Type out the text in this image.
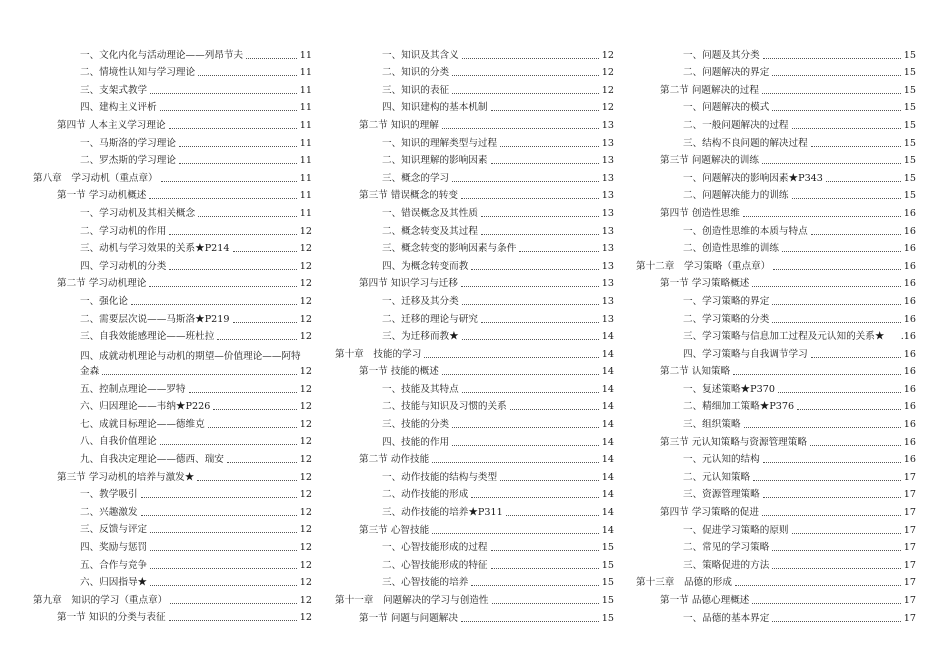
一、文化内化与活动理论——列昂节夫	11
二、情境性认知与学习理论	11
三、支架式教学	11
四、建构主义评析	11
第四节 人本主义学习理论	11
一、马斯洛的学习理论	11
二、罗杰斯的学习理论	11
第八章　学习动机（重点章）	11
第一节 学习动机概述	11
一、学习动机及其相关概念	11
二、学习动机的作用	12
三、动机与学习效果的关系★P214	12
四、学习动机的分类	12
第二节 学习动机理论	12
一、强化论	12
二、需要层次说——马斯洛★P219	12
三、自我效能感理论——班杜拉	12
四、成就动机理论与动机的期望—价值理论——阿特
金森	12
五、控制点理论——罗特	12
六、归因理论——韦纳★P226	12
七、成就目标理论——德维克	12
八、自我价值理论	12
九、自我决定理论——德西、瑞安	12
第三节 学习动机的培养与激发★	12
一、教学吸引	12
二、兴趣激发	12
三、反馈与评定	12
四、奖励与惩罚	12
五、合作与竞争	12
六、归因指导★	12
第九章　知识的学习（重点章）	12
第一节 知识的分类与表征	12
一、知识及其含义	12
二、知识的分类	12
三、知识的表征	12
四、知识建构的基本机制	12
第二节 知识的理解	13
一、知识的理解类型与过程	13
二、知识理解的影响因素	13
三、概念的学习	13
第三节 错误概念的转变	13
一、错误概念及其性质	13
二、概念转变及其过程	13
三、概念转变的影响因素与条件	13
四、为概念转变而教	13
第四节 知识学习与迁移	13
一、迁移及其分类	13
二、迁移的理论与研究	13
三、为迁移而教★	14
第十章　技能的学习	14
第一节 技能的概述	14
一、技能及其特点	14
二、技能与知识及习惯的关系	14
三、技能的分类	14
四、技能的作用	14
第二节 动作技能	14
一、动作技能的结构与类型	14
二、动作技能的形成	14
三、动作技能的培养★P311	14
第三节 心智技能	14
一、心智技能形成的过程	15
二、心智技能形成的特征	15
三、心智技能的培养	15
第十一章　问题解决的学习与创造性	15
第一节 问题与问题解决	15
一、问题及其分类	15
二、问题解决的界定	15
第二节 问题解决的过程	15
一、问题解决的模式	15
二、一般问题解决的过程	15
三、结构不良问题的解决过程	15
第三节 问题解决的训练	15
一、问题解决的影响因素★P343	15
二、问题解决能力的训练	15
第四节 创造性思维	16
一、创造性思维的本质与特点	16
二、创造性思维的训练	16
第十二章　学习策略（重点章）	16
第一节 学习策略概述	16
一、学习策略的界定	16
二、学习策略的分类	16
三、学习策略与信息加工过程及元认知的关系★ .16
四、学习策略与自我调节学习	16
第二节 认知策略	16
一、复述策略★P370	16
二、精细加工策略★P376	16
三、组织策略	16
第三节 元认知策略与资源管理策略	16
一、元认知的结构	16
二、元认知策略	17
三、资源管理策略	17
第四节 学习策略的促进	17
一、促进学习策略的原则	17
二、常见的学习策略	17
三、策略促进的方法	17
第十三章　品德的形成	17
第一节 品德心理概述	17
一、品德的基本界定	17
